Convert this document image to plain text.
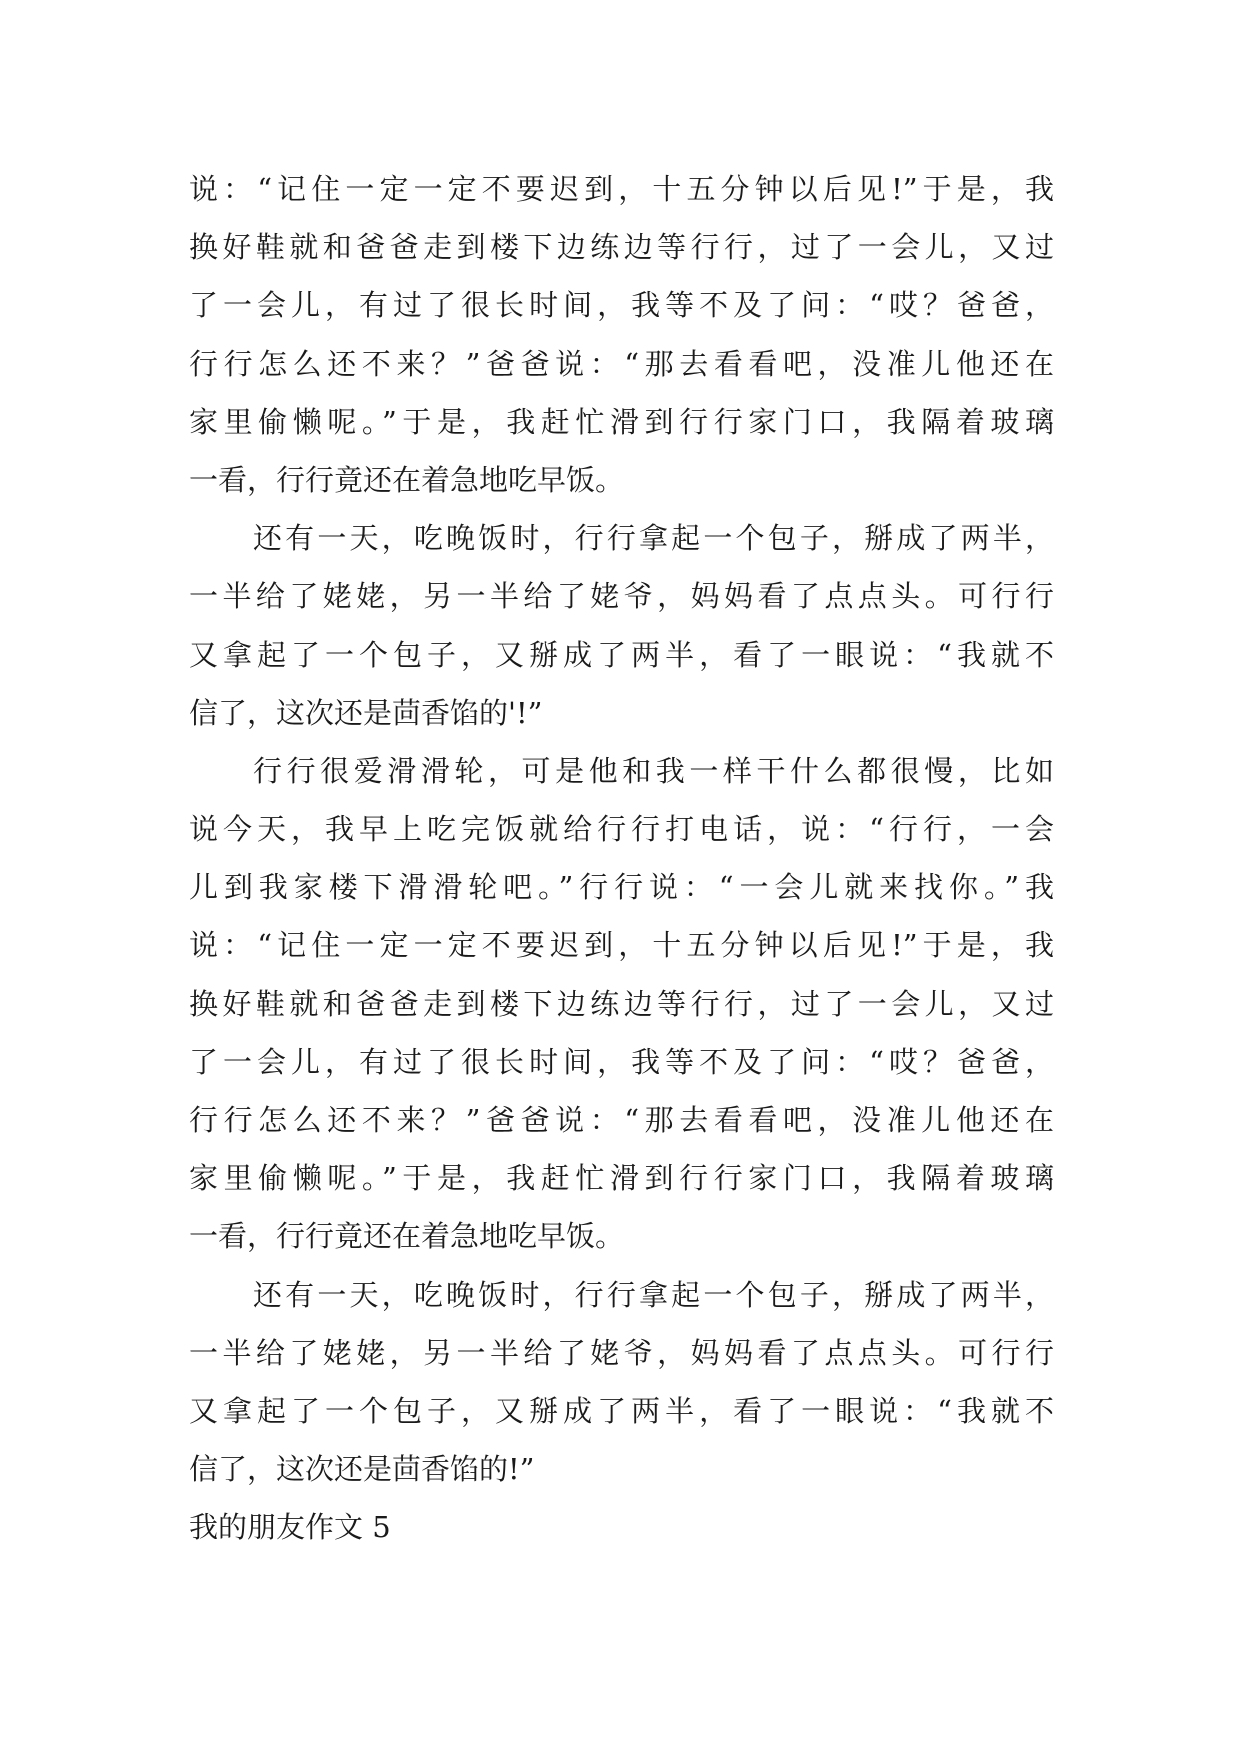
说：“记住一定一定不要迟到，十五分钟以后见!”于是，我
换好鞋就和爸爸走到楼下边练边等行行，过了一会儿，又过
了一会儿，有过了很长时间，我等不及了问：“哎？爸爸，
行行怎么还不来？”爸爸说：“那去看看吧，没准儿他还在
家里偷懒呢。”于是，我赶忙滑到行行家门口，我隔着玻璃
一看，行行竟还在着急地吃早饭。
还有一天，吃晚饭时，行行拿起一个包子，掰成了两半，
一半给了姥姥，另一半给了姥爷，妈妈看了点点头。可行行
又拿起了一个包子，又掰成了两半，看了一眼说：“我就不
信了，这次还是茴香馅的'!”
行行很爱滑滑轮，可是他和我一样干什么都很慢，比如
说今天，我早上吃完饭就给行行打电话，说：“行行，一会
儿到我家楼下滑滑轮吧。”行行说：“一会儿就来找你。”我
说：“记住一定一定不要迟到，十五分钟以后见!”于是，我
换好鞋就和爸爸走到楼下边练边等行行，过了一会儿，又过
了一会儿，有过了很长时间，我等不及了问：“哎？爸爸，
行行怎么还不来？”爸爸说：“那去看看吧，没准儿他还在
家里偷懒呢。”于是，我赶忙滑到行行家门口，我隔着玻璃
一看，行行竟还在着急地吃早饭。
还有一天，吃晚饭时，行行拿起一个包子，掰成了两半，
一半给了姥姥，另一半给了姥爷，妈妈看了点点头。可行行
又拿起了一个包子，又掰成了两半，看了一眼说：“我就不
信了，这次还是茴香馅的!”
我的朋友作文 5
